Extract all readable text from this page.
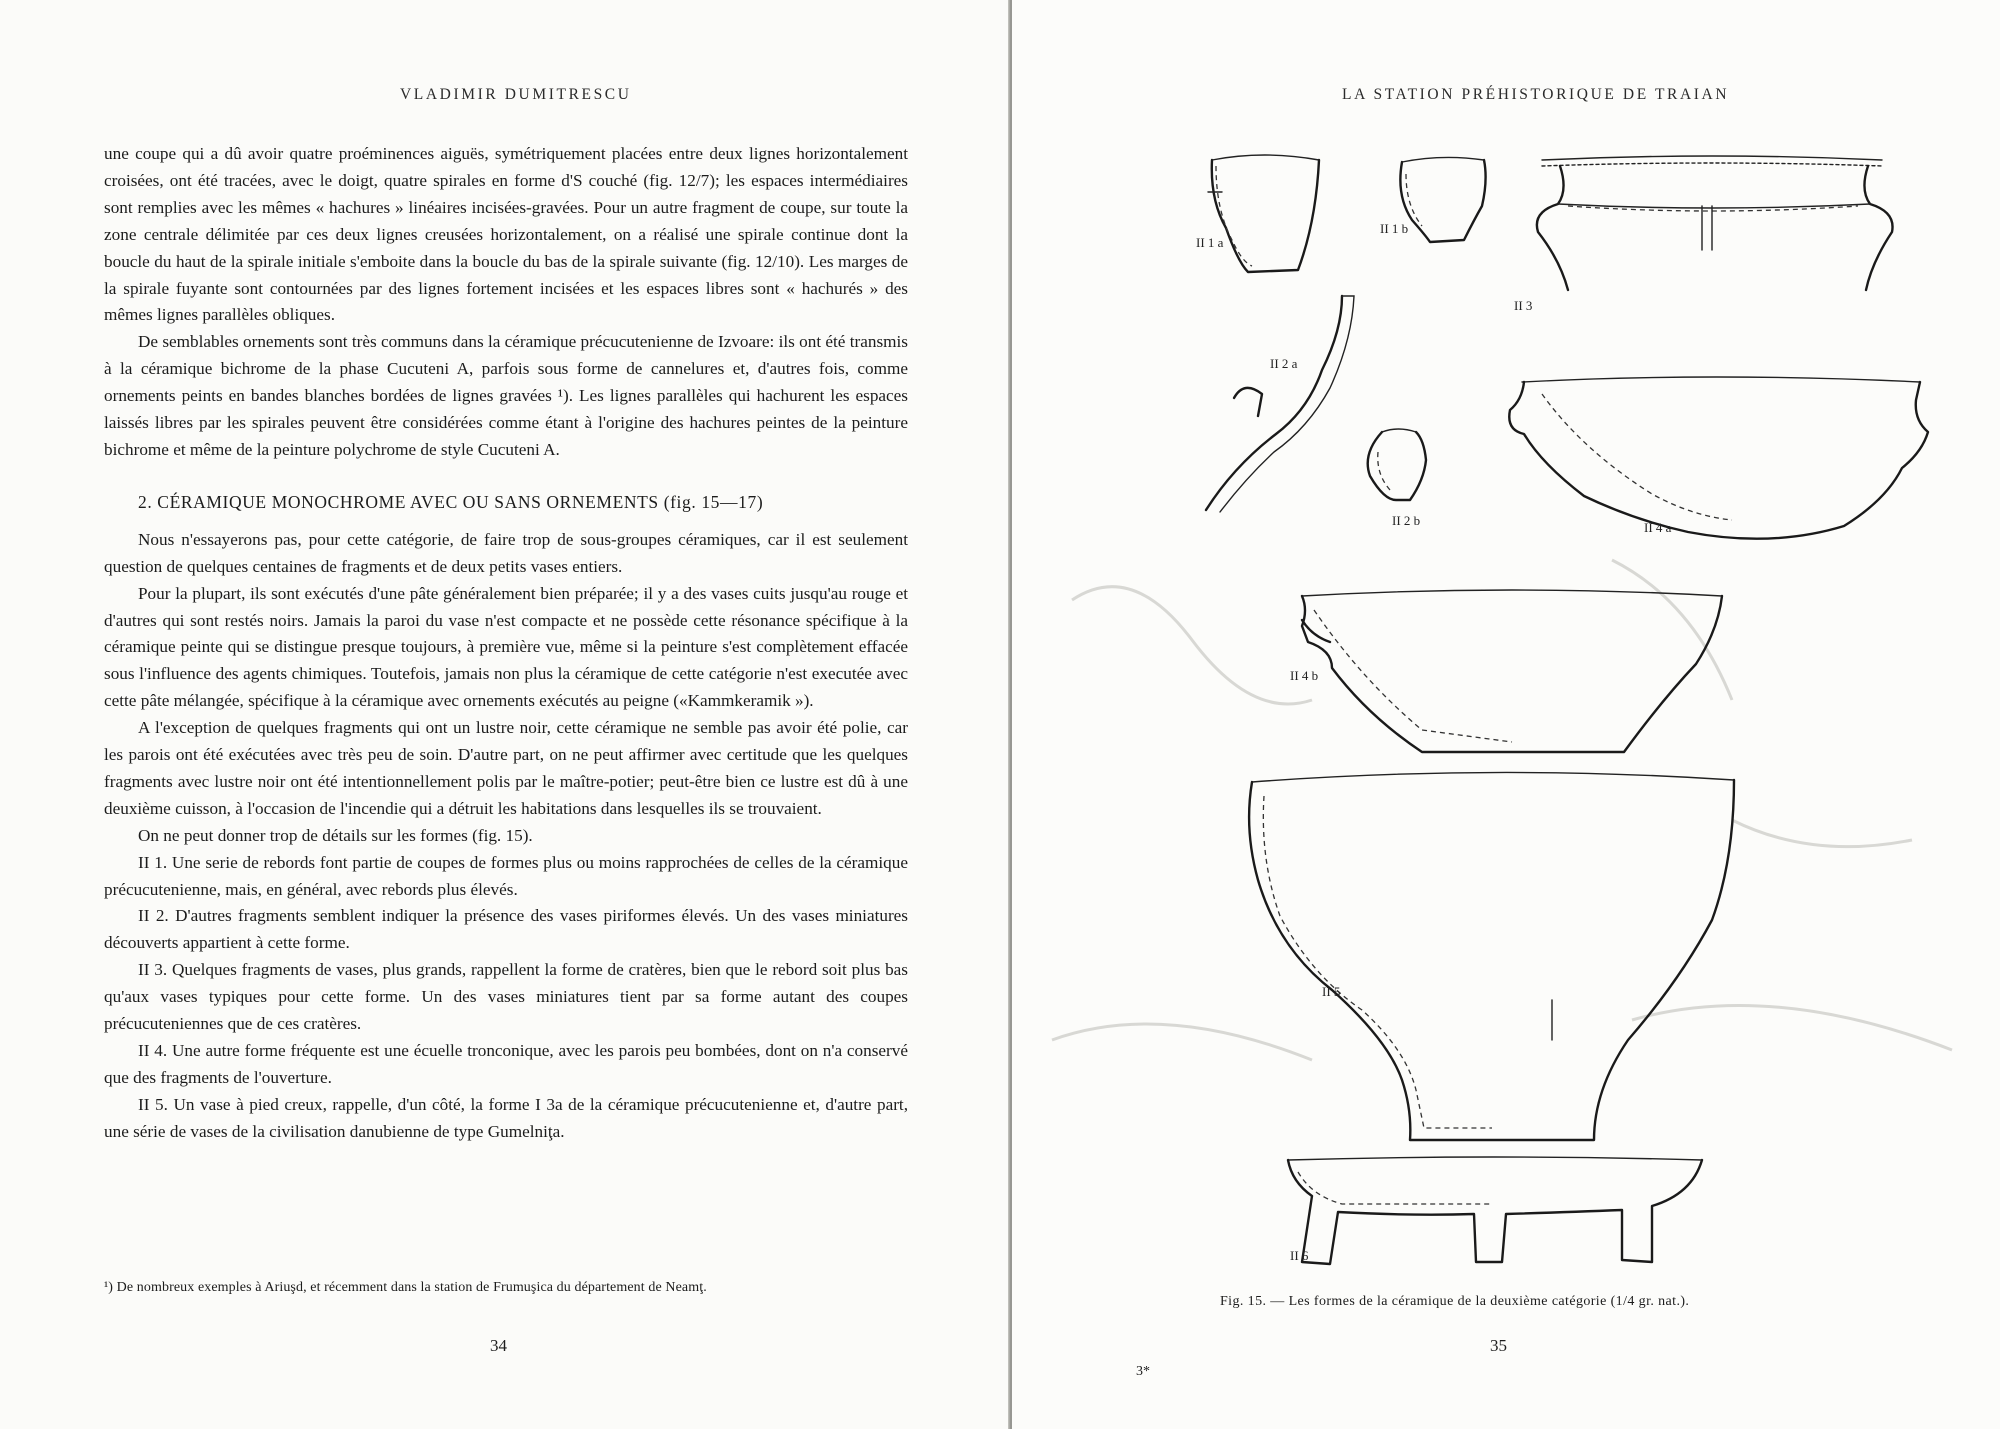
VLADIMIR DUMITRESCU

une coupe qui a dû avoir quatre proéminences aiguës, symétriquement placées entre deux lignes horizontalement croisées, ont été tracées, avec le doigt, quatre spirales en forme d'S couché (fig. 12/7); les espaces intermédiaires sont remplies avec les mêmes « hachures » linéaires incisées-gravées. Pour un autre fragment de coupe, sur toute la zone centrale délimitée par ces deux lignes creusées horizontalement, on a réalisé une spirale continue dont la boucle du haut de la spirale initiale s'emboite dans la boucle du bas de la spirale suivante (fig. 12/10). Les marges de la spirale fuyante sont contournées par des lignes fortement incisées et les espaces libres sont « hachurés » des mêmes lignes parallèles obliques.

De semblables ornements sont très communs dans la céramique précucutenienne de Izvoare: ils ont été transmis à la céramique bichrome de la phase Cucuteni A, parfois sous forme de cannelures et, d'autres fois, comme ornements peints en bandes blanches bordées de lignes gravées ¹). Les lignes parallèles qui hachurent les espaces laissés libres par les spirales peuvent être considérées comme étant à l'origine des hachures peintes de la peinture bichrome et même de la peinture polychrome de style Cucuteni A.

2. CÉRAMIQUE MONOCHROME AVEC OU SANS ORNEMENTS (fig. 15—17)

Nous n'essayerons pas, pour cette catégorie, de faire trop de sous-groupes céramiques, car il est seulement question de quelques centaines de fragments et de deux petits vases entiers.

Pour la plupart, ils sont exécutés d'une pâte généralement bien préparée; il y a des vases cuits jusqu'au rouge et d'autres qui sont restés noirs. Jamais la paroi du vase n'est compacte et ne possède cette résonance spécifique à la céramique peinte qui se distingue presque toujours, à première vue, même si la peinture s'est complètement effacée sous l'influence des agents chimiques. Toutefois, jamais non plus la céramique de cette catégorie n'est executée avec cette pâte mélangée, spécifique à la céramique avec ornements exécutés au peigne («Kammkeramik »).

A l'exception de quelques fragments qui ont un lustre noir, cette céramique ne semble pas avoir été polie, car les parois ont été exécutées avec très peu de soin. D'autre part, on ne peut affirmer avec certitude que les quelques fragments avec lustre noir ont été intentionnellement polis par le maître-potier; peut-être bien ce lustre est dû à une deuxième cuisson, à l'occasion de l'incendie qui a détruit les habitations dans lesquelles ils se trouvaient.

On ne peut donner trop de détails sur les formes (fig. 15).

II 1. Une serie de rebords font partie de coupes de formes plus ou moins rapprochées de celles de la céramique précucutenienne, mais, en général, avec rebords plus élevés.

II 2. D'autres fragments semblent indiquer la présence des vases piriformes élevés. Un des vases miniatures découverts appartient à cette forme.

II 3. Quelques fragments de vases, plus grands, rappellent la forme de cratères, bien que le rebord soit plus bas qu'aux vases typiques pour cette forme. Un des vases miniatures tient par sa forme autant des coupes précucuteniennes que de ces cratères.

II 4. Une autre forme fréquente est une écuelle tronconique, avec les parois peu bombées, dont on n'a conservé que des fragments de l'ouverture.

II 5. Un vase à pied creux, rappelle, d'un côté, la forme I 3a de la céramique précucutenienne et, d'autre part, une série de vases de la civilisation danubienne de type Gumelniţa.

¹) De nombreux exemples à Ariuşd, et récemment dans la station de Frumuşica du département de Neamţ.
34
LA STATION PRÉHISTORIQUE DE TRAIAN
II 1 a
II 1 b
II 3
II 2 a
II 2 b	II 4 a
II 4 b
II 5
II 6
Fig. 15. — Les formes de la céramique de la deuxième catégorie (1/4 gr. nat.).
35
3*
